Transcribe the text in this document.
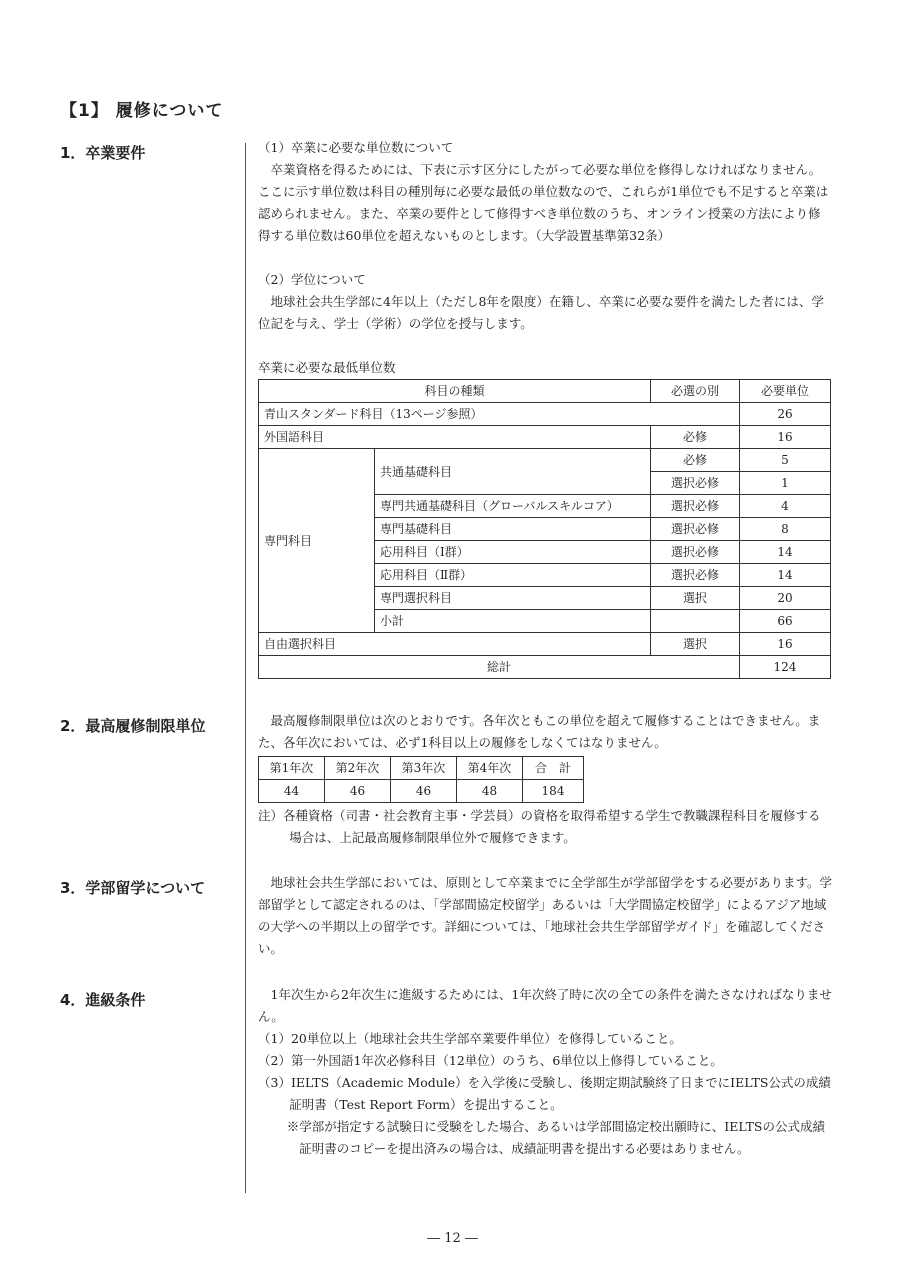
【1】 履修について
1．卒業要件	（1）卒業に必要な単位数について

卒業資格を得るためには、下表に示す区分にしたがって必要な単位を修得しなければなりません。ここに示す単位数は科目の種別毎に必要な最低の単位数なので、これらが1単位でも不足すると卒業は認められません。また、卒業の要件として修得すべき単位数のうち、オンライン授業の方法により修得する単位数は60単位を超えないものとします。（大学設置基準第32条）

（2）学位について

地球社会共生学部に4年以上（ただし8年を限度）在籍し、卒業に必要な要件を満たした者には、学位記を与え、学士（学術）の学位を授与します。

卒業に必要な最低単位数

科目の種類		必選の別	必要単位
青山スタンダード科目（13ページ参照）			26
外国語科目		必修	16
専門科目	共通基礎科目	必修	5
		選択必修	1
	専門共通基礎科目（グローバルスキルコア）	選択必修	4
	専門基礎科目	選択必修	8
	応用科目（Ⅰ群）	選択必修	14
	応用科目（Ⅱ群）	選択必修	14
	専門選択科目	選択	20
	小計		66
自由選択科目		選択	16
総計			124
2．最高履修制限単位	最高履修制限単位は次のとおりです。各年次ともこの単位を超えて履修することはできません。また、各年次においては、必ず1科目以上の履修をしなくてはなりません。

第1年次	第2年次	第3年次	第4年次	合　計
44	46	46	48	184

注）各種資格（司書・社会教育主事・学芸員）の資格を取得希望する学生で教職課程科目を履修する場合は、上記最高履修制限単位外で履修できます。

3．学部留学について	地球社会共生学部においては、原則として卒業までに全学部生が学部留学をする必要があります。学部留学として認定されるのは、「学部間協定校留学」あるいは「大学間協定校留学」によるアジア地域の大学への半期以上の留学です。詳細については、「地球社会共生学部留学ガイド」を確認してください。

4．進級条件	1年次生から2年次生に進級するためには、1年次終了時に次の全ての条件を満たさなければなりません。

（1）20単位以上（地球社会共生学部卒業要件単位）を修得していること。

（2）第一外国語1年次必修科目（12単位）のうち、6単位以上修得していること。

（3）IELTS（Academic Module）を入学後に受験し、後期定期試験終了日までにIELTS公式の成績証明書（Test Report Form）を提出すること。

※学部が指定する試験日に受験をした場合、あるいは学部間協定校出願時に、IELTSの公式成績証明書のコピーを提出済みの場合は、成績証明書を提出する必要はありません。

― 12 ―
